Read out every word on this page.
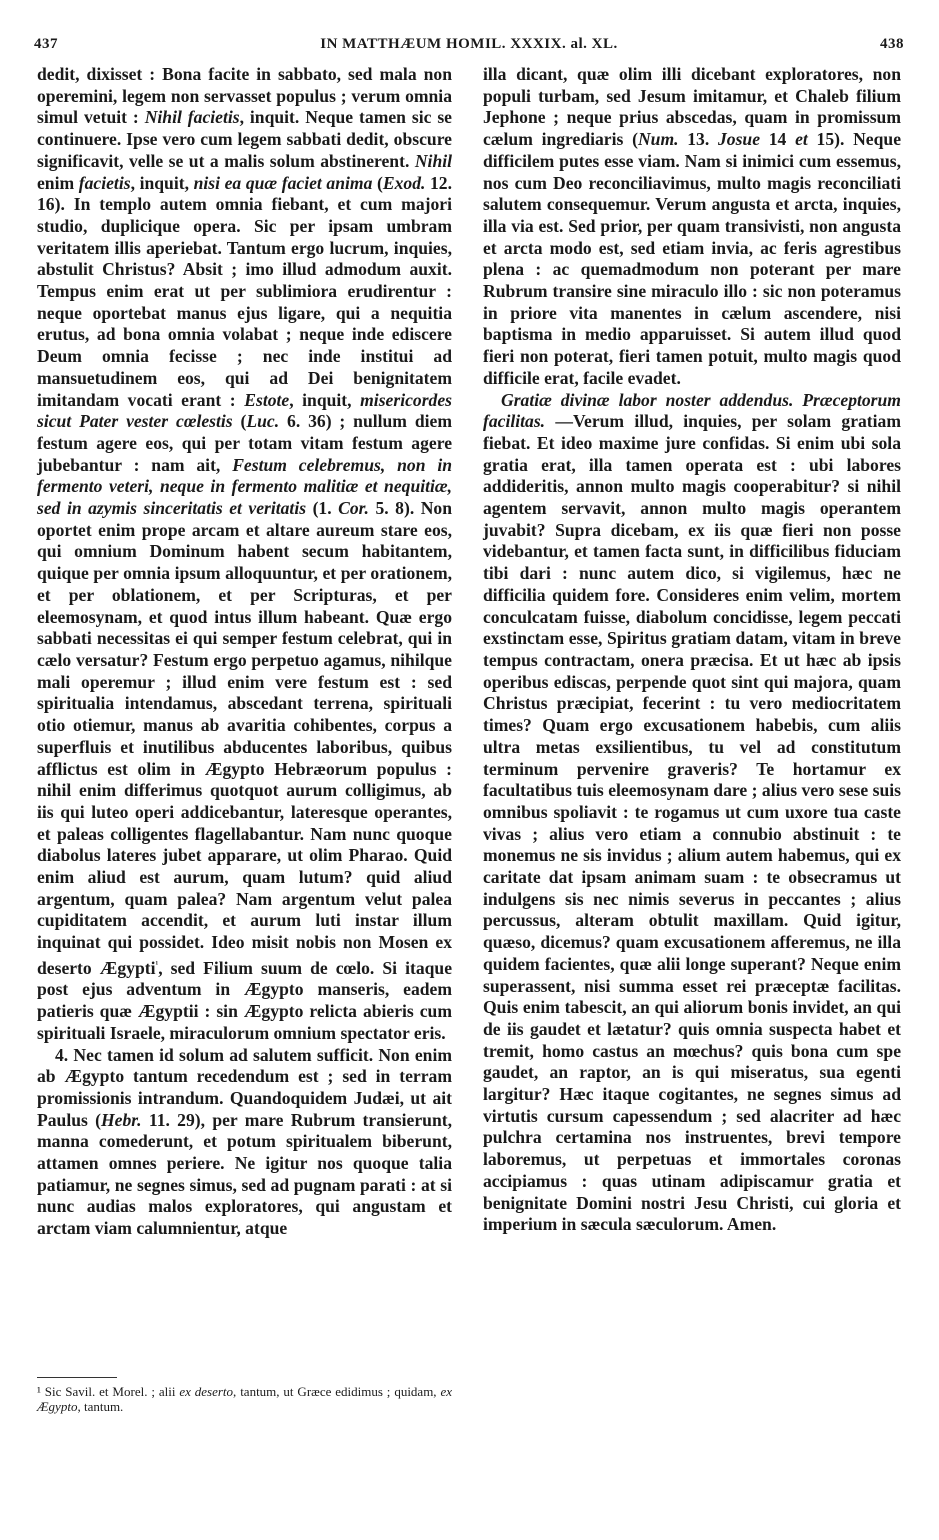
437	IN MATTHÆUM HOMIL. XXXIX. al. XL.	438

dedit, dixisset : Bona facite in sabbato, sed mala non operemini, legem non servasset populus ; verum omnia simul vetuit : Nihil facietis, inquit. Neque tamen sic se continuere. Ipse vero cum legem sabbati dedit, obscure significavit, velle se ut a malis solum abstinerent. Nihil enim facietis, inquit, nisi ea quæ faciet anima (Exod. 12. 16). In templo autem omnia fiebant, et cum majori studio, duplicique opera. Sic per ipsam umbram veritatem illis aperiebat. Tantum ergo lucrum, inquies, abstulit Christus? Absit ; imo illud admodum auxit. Tempus enim erat ut per sublimiora erudirentur : neque oportebat manus ejus ligare, qui a nequitia erutus, ad bona omnia volabat ; neque inde ediscere Deum omnia fecisse ; nec inde institui ad mansuetudinem eos, qui ad Dei benignitatem imitandam vocati erant : Estote, inquit, misericordes sicut Pater vester cœlestis (Luc. 6. 36) ; nullum diem festum agere eos, qui per totam vitam festum agere jubebantur : nam ait, Festum celebremus, non in fermento veteri, neque in fermento malitiæ et nequitiæ, sed in azymis sinceritatis et veritatis (1. Cor. 5. 8). Non oportet enim prope arcam et altare aureum stare eos, qui omnium Dominum habent secum habitantem, quique per omnia ipsum alloquuntur, et per orationem, et per oblationem, et per Scripturas, et per eleemosynam, et quod intus illum habeant. Quæ ergo sabbati necessitas ei qui semper festum celebrat, qui in cælo versatur? Festum ergo perpetuo agamus, nihilque mali operemur ; illud enim vere festum est : sed spiritualia intendamus, abscedant terrena, spirituali otio otiemur, manus ab avaritia cohibentes, corpus a superfluis et inutilibus abducentes laboribus, quibus afflictus est olim in Ægypto Hebræorum populus : nihil enim differimus quotquot aurum colligimus, ab iis qui luteo operi addicebantur, lateresque operantes, et paleas colligentes flagellabantur. Nam nunc quoque diabolus lateres jubet apparare, ut olim Pharao. Quid enim aliud est aurum, quam lutum? quid aliud argentum, quam palea? Nam argentum velut palea cupiditatem accendit, et aurum luti instar illum inquinat qui possidet. Ideo misit nobis non Mosen ex deserto Ægypti$^{^1}$, sed Filium suum de cœlo. Si itaque post ejus adventum in Ægypto manseris, eadem patieris quæ Ægyptii : sin Ægypto relicta abieris cum spirituali Israele, miraculorum omnium spectator eris.

4. Nec tamen id solum ad salutem sufficit. Non enim ab Ægypto tantum recedendum est ; sed in terram promissionis intrandum. Quandoquidem Judæi, ut ait Paulus (Hebr. 11. 29), per mare Rubrum transierunt, manna comederunt, et potum spiritualem biberunt, attamen omnes periere. Ne igitur nos quoque talia patiamur, ne segnes simus, sed ad pugnam parati : at si nunc audias malos exploratores, qui angustam et arctam viam calumnientur, atque

illa dicant, quæ olim illi dicebant exploratores, non populi turbam, sed Jesum imitamur, et Chaleb filium Jephone ; neque prius abscedas, quam in promissum cælum ingrediaris (Num. 13. Josue 14 et 15). Neque difficilem putes esse viam. Nam si inimici cum essemus, nos cum Deo reconciliavimus, multo magis reconciliati salutem consequemur. Verum angusta et arcta, inquies, illa via est. Sed prior, per quam transivisti, non angusta et arcta modo est, sed etiam invia, ac feris agrestibus plena : ac quemadmodum non poterant per mare Rubrum transire sine miraculo illo : sic non poteramus in priore vita manentes in cælum ascendere, nisi baptisma in medio apparuisset. Si autem illud quod fieri non poterat, fieri tamen potuit, multo magis quod difficile erat, facile evadet.

Gratiæ divinæ labor noster addendus. Præceptorum facilitas. —Verum illud, inquies, per solam gratiam fiebat. Et ideo maxime jure confidas. Si enim ubi sola gratia erat, illa tamen operata est : ubi labores addideritis, annon multo magis cooperabitur? si nihil agentem servavit, annon multo magis operantem juvabit? Supra dicebam, ex iis quæ fieri non posse videbantur, et tamen facta sunt, in difficilibus fiduciam tibi dari : nunc autem dico, si vigilemus, hæc ne difficilia quidem fore. Consideres enim velim, mortem conculcatam fuisse, diabolum concidisse, legem peccati exstinctam esse, Spiritus gratiam datam, vitam in breve tempus contractam, onera præcisa. Et ut hæc ab ipsis operibus ediscas, perpende quot sint qui majora, quam Christus præcipiat, fecerint : tu vero mediocritatem times? Quam ergo excusationem habebis, cum aliis ultra metas exsilientibus, tu vel ad constitutum terminum pervenire graveris? Te hortamur ex facultatibus tuis eleemosynam dare ; alius vero sese suis omnibus spoliavit : te rogamus ut cum uxore tua caste vivas ; alius vero etiam a connubio abstinuit : te monemus ne sis invidus ; alium autem habemus, qui ex caritate dat ipsam animam suam : te obsecramus ut indulgens sis nec nimis severus in peccantes ; alius percussus, alteram obtulit maxillam. Quid igitur, quæso, dicemus? quam excusationem afferemus, ne illa quidem facientes, quæ alii longe superant? Neque enim superassent, nisi summa esset rei præceptæ facilitas. Quis enim tabescit, an qui aliorum bonis invidet, an qui de iis gaudet et lætatur? quis omnia suspecta habet et tremit, homo castus an mœchus? quis bona cum spe gaudet, an raptor, an is qui miseratus, sua egenti largitur? Hæc itaque cogitantes, ne segnes simus ad virtutis cursum capessendum ; sed alacriter ad hæc pulchra certamina nos instruentes, brevi tempore laboremus, ut perpetuas et immortales coronas accipiamus : quas utinam adipiscamur gratia et benignitate Domini nostri Jesu Christi, cui gloria et imperium in sæcula sæculorum. Amen.

¹ Sic Savil. et Morel. ; alii ex deserto, tantum, ut Græce edidimus ; quidam, ex Ægypto, tantum.
